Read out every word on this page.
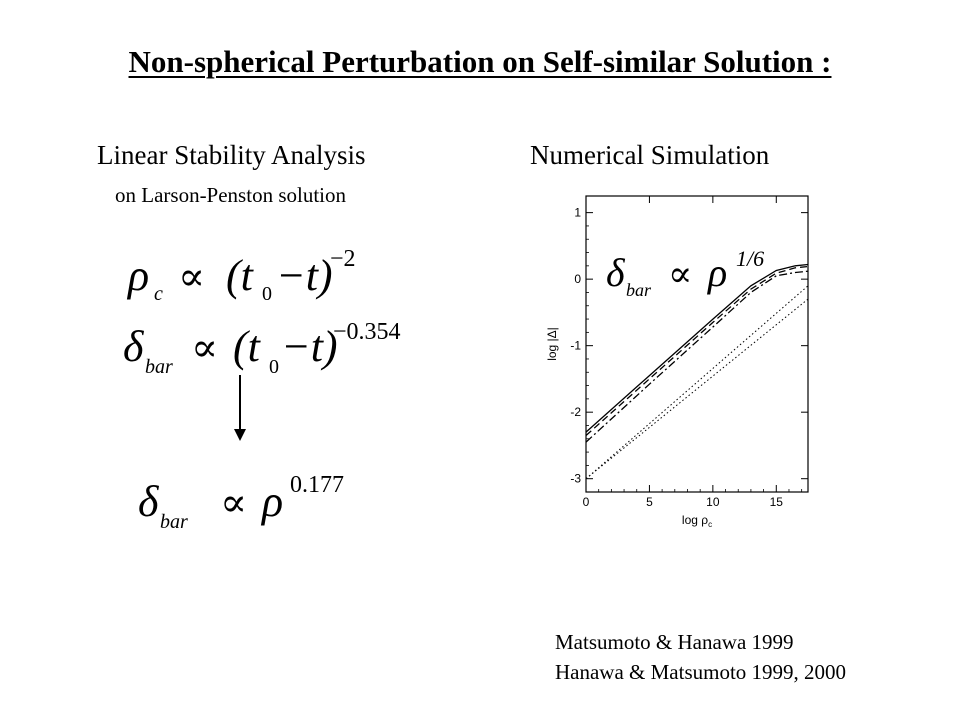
Non-spherical Perturbation on Self-similar Solution :
Linear Stability Analysis
on Larson-Penston solution
Numerical Simulation
ρ c ∝ (t 0 −t)
−2
δ bar ∝ (t 0 −t)
−0.354
δ bar ∝ ρ 0.177
0	5	10	15
1
0
-1
-2
-3
$\log \rho_c$
log |Δ|
δ bar ∝ ρ 1/6
Matsumoto & Hanawa 1999
Hanawa & Matsumoto 1999, 2000
